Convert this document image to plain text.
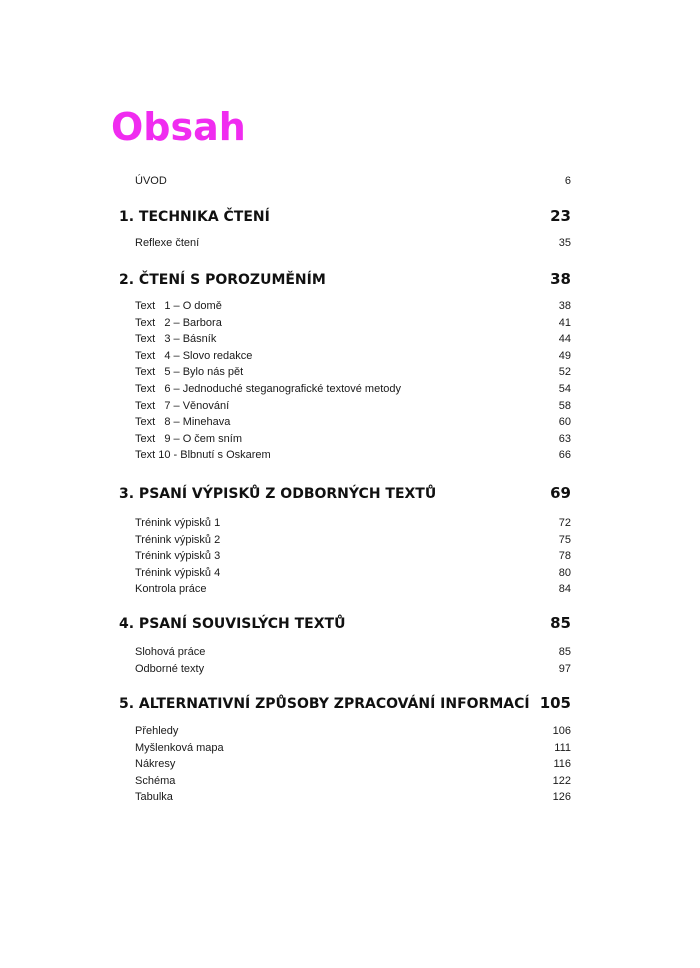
Obsah
ÚVOD	6
1. TECHNIKA ČTENÍ	23
Reflexe čtení	35
2. ČTENÍ S POROZUMĚNÍM	38
Text   1 – O domě	38
Text   2 – Barbora	41
Text   3 – Básník	44
Text   4 – Slovo redakce	49
Text   5 – Bylo nás pět	52
Text   6 – Jednoduché steganografické textové metody	54
Text   7 – Věnování	58
Text   8 – Minehava	60
Text   9 – O čem sním	63
Text 10 - Blbnutí s Oskarem	66
3. PSANÍ VÝPISKŮ Z ODBORNÝCH TEXTŮ	69
Trénink výpisků 1	72
Trénink výpisků 2	75
Trénink výpisků 3	78
Trénink výpisků 4	80
Kontrola práce	84
4. PSANÍ SOUVISLÝCH TEXTŮ	85
Slohová práce	85
Odborné texty	97
5. ALTERNATIVNÍ ZPŮSOBY ZPRACOVÁNÍ INFORMACÍ 105
Přehledy	106
Myšlenková mapa	111
Nákresy	116
Schéma	122
Tabulka	126
